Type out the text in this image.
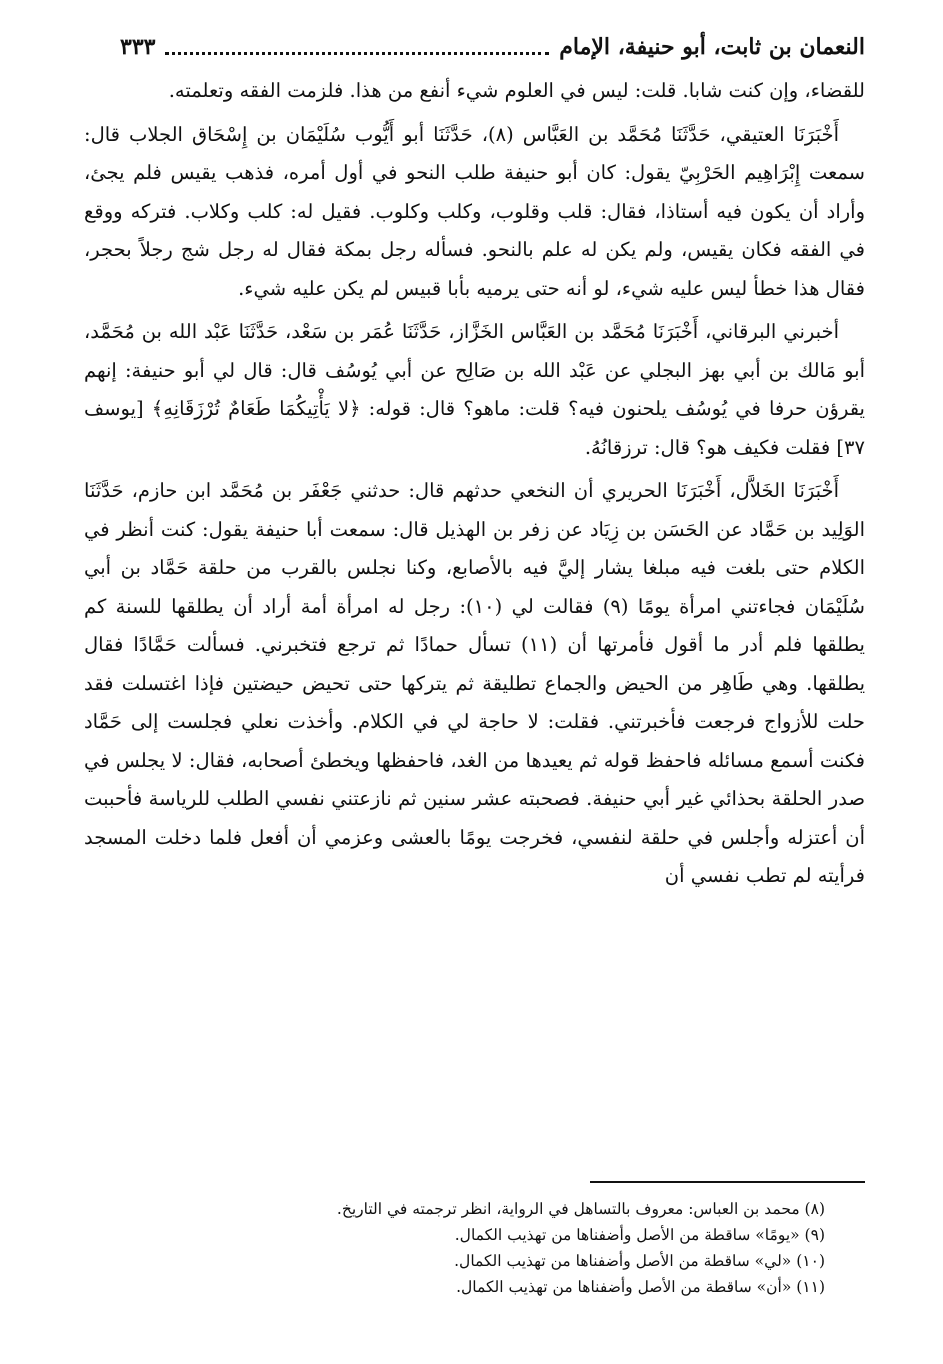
النعمان بن ثابت، أبو حنيفة، الإمام
٣٣٣

للقضاء، وإن كنت شابا. قلت: ليس في العلوم شيء أنفع من هذا. فلزمت الفقه وتعلمته.

أَخْبَرَنَا العتيقي، حَدَّثَنَا مُحَمَّد بن العَبَّاس (٨)، حَدَّثَنَا أبو أَيُّوب سُلَيْمَان بن إِسْحَاق الجلاب قال: سمعت إِبْرَاهِيم الحَرْبِيّ يقول: كان أبو حنيفة طلب النحو في أول أمره، فذهب يقيس فلم يجئ، وأراد أن يكون فيه أستاذا، فقال: قلب وقلوب، وكلب وكلوب. فقيل له: كلب وكلاب. فتركه ووقع في الفقه فكان يقيس، ولم يكن له علم بالنحو. فسأله رجل بمكة فقال له رجل شج رجلاً بحجر، فقال هذا خطأ ليس عليه شيء، لو أنه حتى يرميه بأبا قبيس لم يكن عليه شيء.

أخبرني البرقاني، أَخْبَرَنَا مُحَمَّد بن العَبَّاس الخَزَّاز، حَدَّثَنَا عُمَر بن سَعْد، حَدَّثَنَا عَبْد الله بن مُحَمَّد، أبو مَالك بن أبي بهز البجلي عن عَبْد الله بن صَالِح عن أبي يُوسُف قال: قال لي أبو حنيفة: إنهم يقرؤن حرفا في يُوسُف يلحنون فيه؟ قلت: ماهو؟ قال: قوله: ﴿لا يَأْتِيكُمَا طَعَامٌ تُرْزَقَانِهِ﴾ [يوسف ٣٧] فقلت فكيف هو؟ قال: ترزقانُهُ.

أَخْبَرَنَا الخَلاَّل، أَخْبَرَنَا الحريري أن النخعي حدثهم قال: حدثني جَعْفَر بن مُحَمَّد ابن حازم، حَدَّثَنَا الوَلِيد بن حَمَّاد عن الحَسَن بن زِيَاد عن زفر بن الهذيل قال: سمعت أبا حنيفة يقول: كنت أنظر في الكلام حتى بلغت فيه مبلغا يشار إليَّ فيه بالأصابع، وكنا نجلس بالقرب من حلقة حَمَّاد بن أبي سُلَيْمَان فجاءتني امرأة يومًا (٩) فقالت لي (١٠): رجل له امرأة أمة أراد أن يطلقها للسنة كم يطلقها فلم أدر ما أقول فأمرتها أن (١١) تسأل حمادًا ثم ترجع فتخبرني. فسألت حَمَّادًا فقال يطلقها. وهي طَاهِر من الحيض والجماع تطليقة ثم يتركها حتى تحيض حيضتين فإذا اغتسلت فقد حلت للأزواج فرجعت فأخبرتني. فقلت: لا حاجة لي في الكلام. وأخذت نعلي فجلست إلى حَمَّاد فكنت أسمع مسائله فاحفظ قوله ثم يعيدها من الغد، فاحفظها ويخطئ أصحابه، فقال: لا يجلس في صدر الحلقة بحذائي غير أبي حنيفة. فصحبته عشر سنين ثم نازعتني نفسي الطلب للرياسة فأحببت أن أعتزله وأجلس في حلقة لنفسي، فخرجت يومًا بالعشى وعزمي أن أفعل فلما دخلت المسجد فرأيته لم تطب نفسي أن

(٨) محمد بن العباس: معروف بالتساهل في الرواية، انظر ترجمته في التاريخ.
(٩) «يومًا» ساقطة من الأصل وأضفناها من تهذيب الكمال.
(١٠) «لي» ساقطة من الأصل وأضفناها من تهذيب الكمال.
(١١) «أن» ساقطة من الأصل وأضفناها من تهذيب الكمال.
